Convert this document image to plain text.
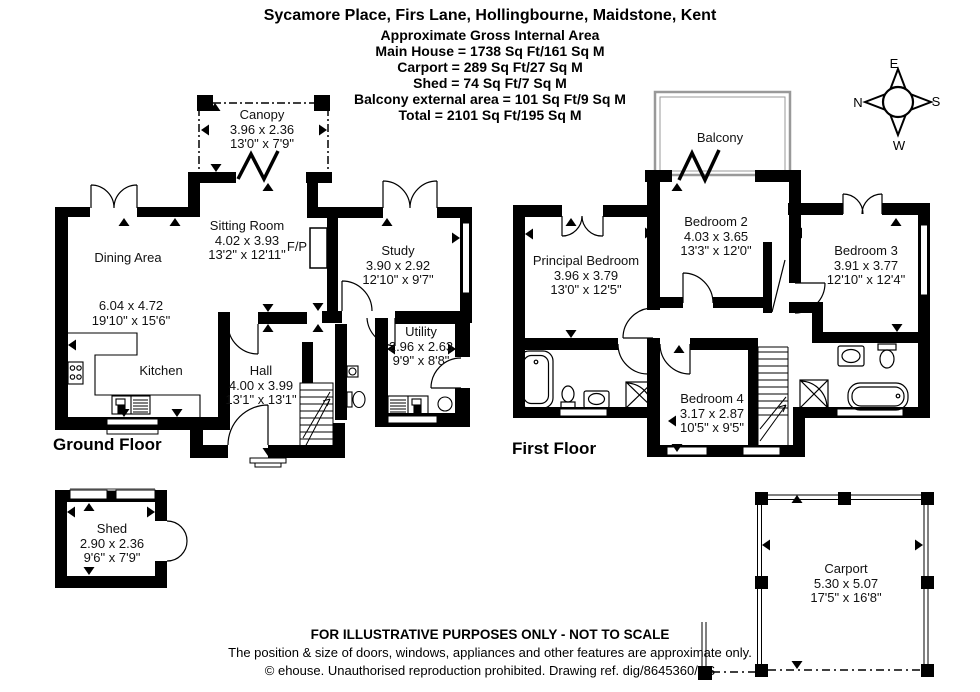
Sycamore Place, Firs Lane, Hollingbourne, Maidstone, Kent
Approximate Gross Internal Area
Main House = 1738 Sq Ft/161 Sq M
Carport = 289 Sq Ft/27 Sq M
Shed = 74 Sq Ft/7 Sq M
Balcony external area = 101 Sq Ft/9 Sq M
Total = 2101 Sq Ft/195 Sq M
Canopy
3.96 x 2.36
13'0" x 7'9"
Sitting Room
4.02 x 3.93
13'2" x 12'11"
Dining Area
6.04 x 4.72
19'10" x 15'6"
Kitchen	Hall
4.00 x 3.99
13'1" x 13'1"
Study
3.90 x 2.92
12'10" x 9'7"
Utility
2.96 x 2.63
9'9" x 8'8"
F/P
Balcony
Bedroom 2
4.03 x 3.65
13'3" x 12'0"
Principal Bedroom
3.96 x 3.79
13'0" x 12'5"
Bedroom 3
3.91 x 3.77
12'10" x 12'4"
Bedroom 4
3.17 x 2.87
10'5" x 9'5"
Shed
2.90 x 2.36
9'6" x 7'9"
Carport
5.30 x 5.07
17'5" x 16'8"
Ground Floor	First Floor
E
N	S
W
FOR ILLUSTRATIVE PURPOSES ONLY - NOT TO SCALE
The position & size of doors, windows, appliances and other features are approximate only.
© ehouse. Unauthorised reproduction prohibited. Drawing ref. dig/8645360/SS
